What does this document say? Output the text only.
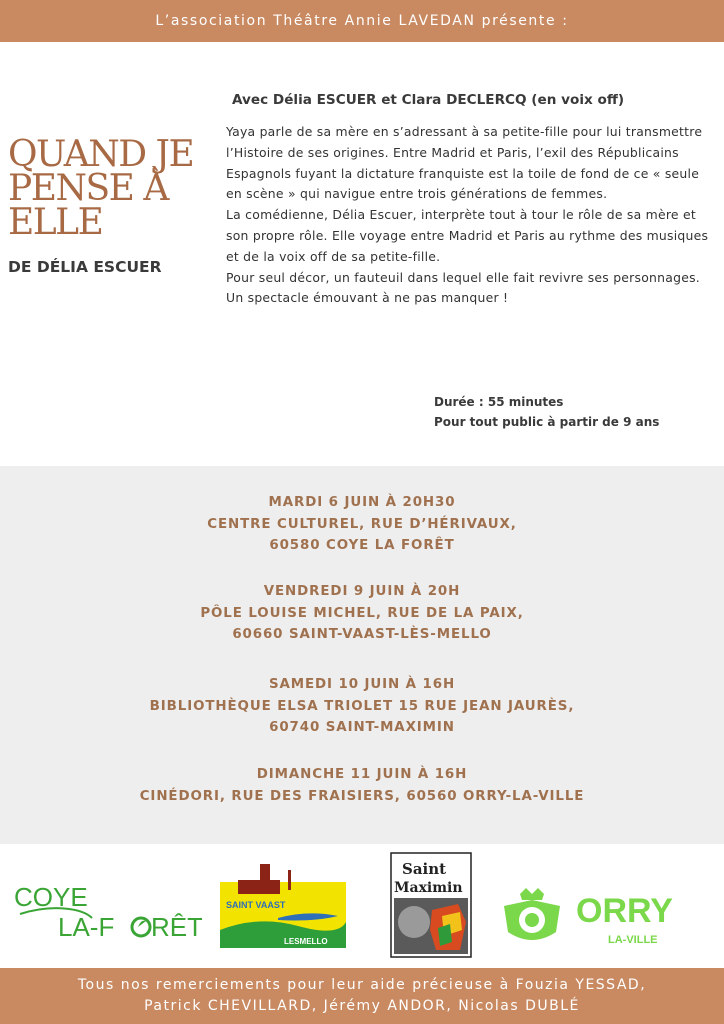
L’association Théâtre Annie LAVEDAN présente :
QUAND JE
PENSE À
ELLE
DE DÉLIA ESCUER
Avec Délia ESCUER et Clara DECLERCQ (en voix off)

Yaya parle de sa mère en s’adressant à sa petite-fille pour lui transmettre l’Histoire de ses origines. Entre Madrid et Paris, l’exil des Républicains Espagnols fuyant la dictature franquiste est la toile de fond de ce « seule en scène » qui navigue entre trois générations de femmes.

La comédienne, Délia Escuer, interprète tout à tour le rôle de sa mère et son propre rôle. Elle voyage entre Madrid et Paris au rythme des musiques et de la voix off de sa petite-fille.

Pour seul décor, un fauteuil dans lequel elle fait revivre ses personnages.

Un spectacle émouvant à ne pas manquer !

Durée : 55 minutes
Pour tout public à partir de 9 ans
MARDI 6 JUIN À 20H30
CENTRE CULTUREL, RUE D’HÉRIVAUX,
60580 COYE LA FORÊT
VENDREDI 9 JUIN À 20H
PÔLE LOUISE MICHEL, RUE DE LA PAIX,
60660 SAINT-VAAST-LÈS-MELLO
SAMEDI 10 JUIN À 16H
BIBLIOTHÈQUE ELSA TRIOLET 15 RUE JEAN JAURÈS,
60740 SAINT-MAXIMIN
DIMANCHE 11 JUIN À 16H
CINÉDORI, RUE DES FRAISIERS, 60560 ORRY-LA-VILLE
COYE
LA-F RÊT
SAINT VAAST
LESMELLO
Saint
Maximin
ORRY
LA-VILLE
Tous nos remerciements pour leur aide précieuse à Fouzia YESSAD,
Patrick CHEVILLARD, Jérémy ANDOR, Nicolas DUBLÉ
